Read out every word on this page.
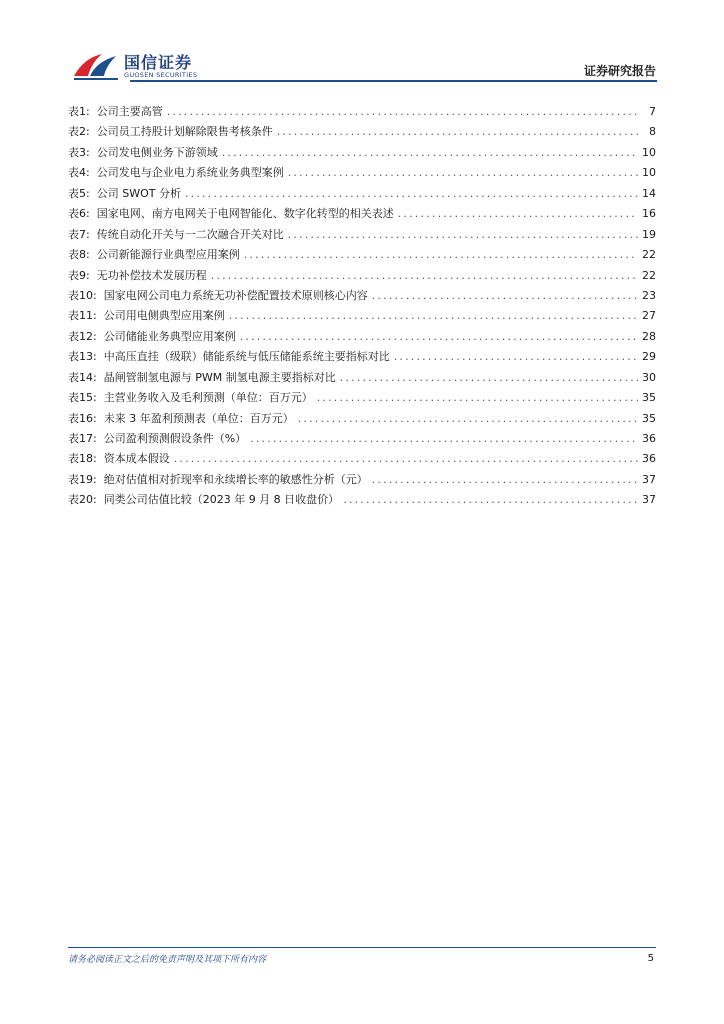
国信证券
GUOSEN SECURITIES	证券研究报告
表1: 公司主要高管 .....	7
表2: 公司员工持股计划解除限售考核条件 .....	8
表3: 公司发电侧业务下游领域 .....	10
表4: 公司发电与企业电力系统业务典型案例 .....	10
表5: 公司 SWOT 分析 .....	14
表6: 国家电网、南方电网关于电网智能化、数字化转型的相关表述 .....	16
表7: 传统自动化开关与一二次融合开关对比 .....	19
表8: 公司新能源行业典型应用案例 .....	22
表9: 无功补偿技术发展历程 .....	22
表10: 国家电网公司电力系统无功补偿配置技术原则核心内容 .....	23
表11: 公司用电侧典型应用案例 .....	27
表12: 公司储能业务典型应用案例 .....	28
表13: 中高压直挂（级联）储能系统与低压储能系统主要指标对比 .....	29
表14: 晶闸管制氢电源与 PWM 制氢电源主要指标对比 .....	30
表15: 主营业务收入及毛利预测（单位：百万元） .....	35
表16: 未来 3 年盈利预测表（单位：百万元） .....	35
表17: 公司盈利预测假设条件（%） .....	36
表18: 资本成本假设 .....	36
表19: 绝对估值相对折现率和永续增长率的敏感性分析（元） .....	37
表20: 同类公司估值比较（2023 年 9 月 8 日收盘价） .....	37
请务必阅读正文之后的免责声明及其项下所有内容	5
